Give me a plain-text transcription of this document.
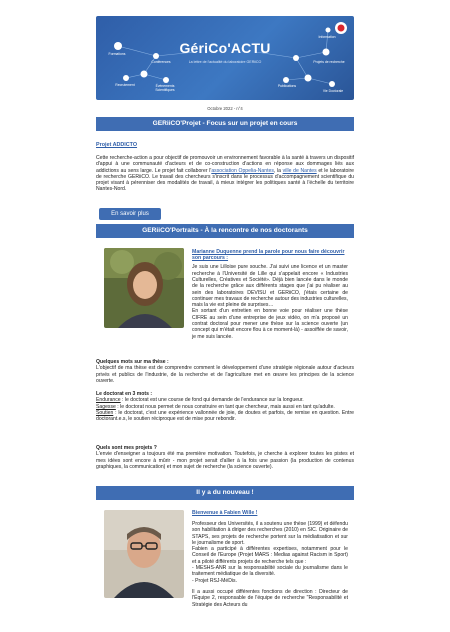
GériCo'ACTU
La lettre de l'actualité du laboratoire GERiiCO
Formations
Conférences
Recrutement	Événements Scientifiques
Information
Projets de recherche
Publications
Vie Doctorale
Octobre 2022 - n°4
GERiiCO'Projet - Focus sur un projet en cours
Projet ADDICTO

Cette recherche-action a pour objectif de promouvoir un environnement favorable à la santé à travers un dispositif d'appui à une communauté d'acteurs et de co-construction d'actions en réponse aux dommages liés aux addictions au sens large. Le projet fait collaborer l'association Oppelia-Nantes, la ville de Nantes et le laboratoire de recherche GERiiCO. Le travail des chercheurs s'inscrit dans le processus d'accompagnement scientifique du projet visant à pérenniser des modalités de travail, à mieux intégrer les politiques santé à l'échelle du territoire Nantes-Nord.

En savoir plus
GERiiCO'Portraits - À la rencontre de nos doctorants
Marianne Duquenne prend la parole pour nous faire découvrir son parcours :

Je suis une Lilloise pure souche. J'ai suivi une licence et un master recherche à l'Université de Lille qui s'appelait encore « Industries Culturelles, Créatives et Société». Déjà bien lancée dans le monde de la recherche grâce aux différents stages que j'ai pu réaliser au sein des laboratoires DEVISU et GERiiCO, j'étais certaine de continuer mes travaux de recherche autour des industries culturelles, mais la vie est pleine de surprises…

En sortant d'un entretien en bonne voie pour réaliser une thèse CIFRE au sein d'une entreprise de jeux vidéo, on m'a proposé un contrat doctoral pour mener une thèse sur la science ouverte (un concept qui m'était encore flou à ce moment-là) - assoiffée de savoir, je me suis lancée.

Quelques mots sur ma thèse :

L'objectif de ma thèse est de comprendre comment le développement d'une stratégie régionale autour d'acteurs privés et publics de l'industrie, de la recherche et de l'agriculture met en œuvre les principes de la science ouverte.

Le doctorat en 3 mots :

Endurance : le doctorat est une course de fond qui demande de l'endurance sur la longueur.

Sagesse : le doctorat nous permet de nous construire en tant que chercheur, mais aussi en tant qu'adulte.

Soutien : le doctorat, c'est une expérience vallonnée de joie, de doutes et parfois, de remise en question. Entre doctorant.e.s, le soutien réciproque est de mise pour rebondir.

Quels sont mes projets ?

L'envie d'enseigner a toujours été ma première motivation. Toutefois, je cherche à explorer toutes les pistes et mes idées sont encore à mûrir - mon projet serait d'allier à la fois une passion (la production de contenus graphiques, la communication) et mon sujet de recherche (la science ouverte).

Il y a du nouveau !
Bienvenue à Fabien Wille !

Professeur des Universités, il a soutenu une thèse (1999) et défendu son habilitation à diriger des recherches (2010) en SIC. Originaire de STAPS, ses projets de recherche portent sur la médiatisation et sur le journalisme de sport.

Fabien a participé à différentes expertises, notamment pour le Conseil de l'Europe (Projet MARS : Medias against Racism in Sport) et a piloté différents projets de recherche tels que :

- MESHS-ANR sur la responsabilité sociale du journalisme dans le traitement médiatique de la diversité.

- Projet RSJ-MéDis.

Il a aussi occupé différentes fonctions de direction : Directeur de l'Équipe 2, responsable de l'équipe de recherche "Responsabilité et Stratégie des Acteurs du
